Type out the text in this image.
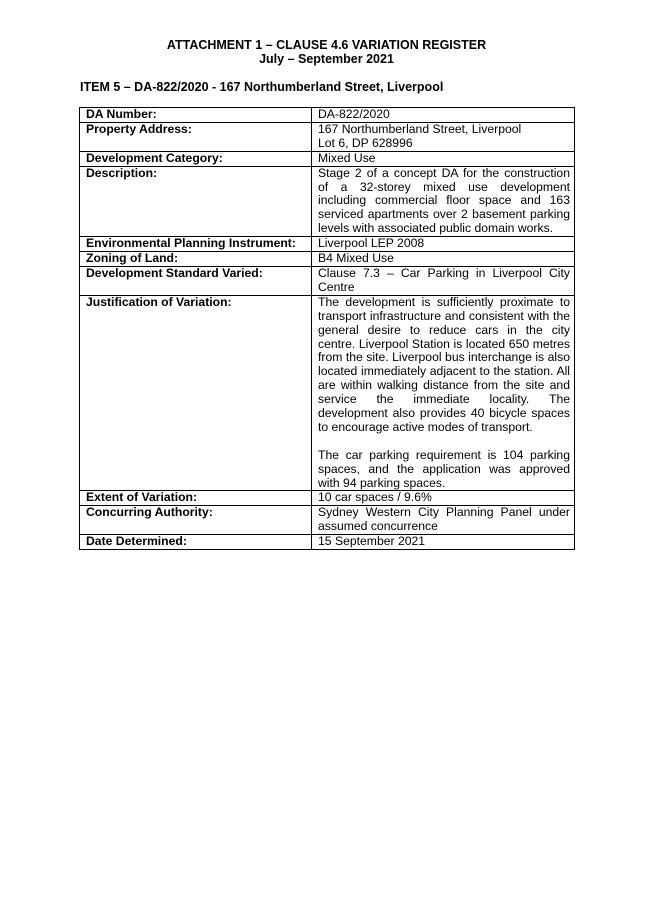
ATTACHMENT 1 – CLAUSE 4.6 VARIATION REGISTER
July – September 2021
ITEM 5 – DA-822/2020 - 167 Northumberland Street, Liverpool
DA Number:	DA-822/2020

Property Address:	167 Northumberland Street, Liverpool
Lot 6, DP 628996

Development Category:	Mixed Use

Description:	Stage 2 of a concept DA for the construction of a 32-storey mixed use development including commercial floor space and 163 serviced apartments over 2 basement parking levels with associated public domain works.

Environmental Planning Instrument:	Liverpool LEP 2008

Zoning of Land:	B4 Mixed Use

Development Standard Varied:	Clause 7.3 – Car Parking in Liverpool City Centre

Justification of Variation:	The development is sufficiently proximate to transport infrastructure and consistent with the general desire to reduce cars in the city centre. Liverpool Station is located 650 metres from the site. Liverpool bus interchange is also located immediately adjacent to the station. All are within walking distance from the site and service the immediate locality. The development also provides 40 bicycle spaces to encourage active modes of transport.
The car parking requirement is 104 parking spaces, and the application was approved with 94 parking spaces.

Extent of Variation:	10 car spaces / 9.6%

Concurring Authority:	Sydney Western City Planning Panel under assumed concurrence

Date Determined:	15 September 2021
